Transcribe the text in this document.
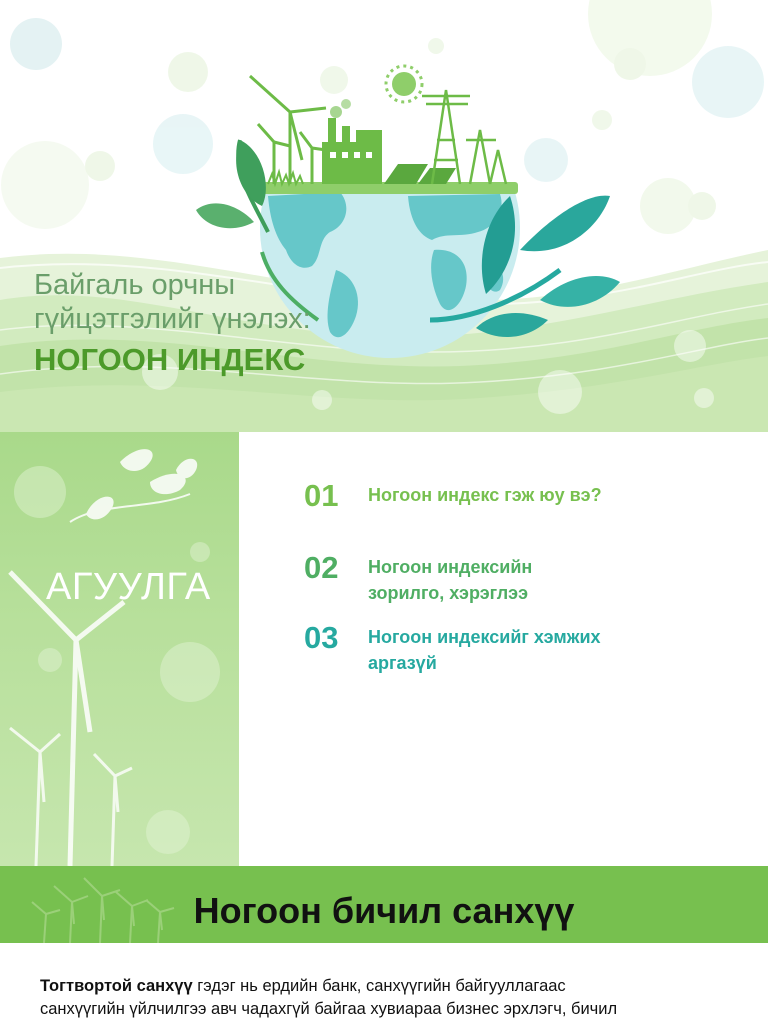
Байгаль орчны
гүйцэтгэлийг үнэлэх:
НОГООН ИНДЕКС
АГУУЛГА
01	Ногоон индекс гэж юу вэ?
02	Ногоон индексийн
зорилго, хэрэглээ
03	Ногоон индексийг хэмжих
аргазүй
Ногоон бичил санхүү

Тогтвортой санхүү гэдэг нь ердийн банк, санхүүгийн байгууллагаас

санхүүгийн үйлчилгээ авч чадахгүй байгаа хувиараа бизнес эрхлэгч, бичил
